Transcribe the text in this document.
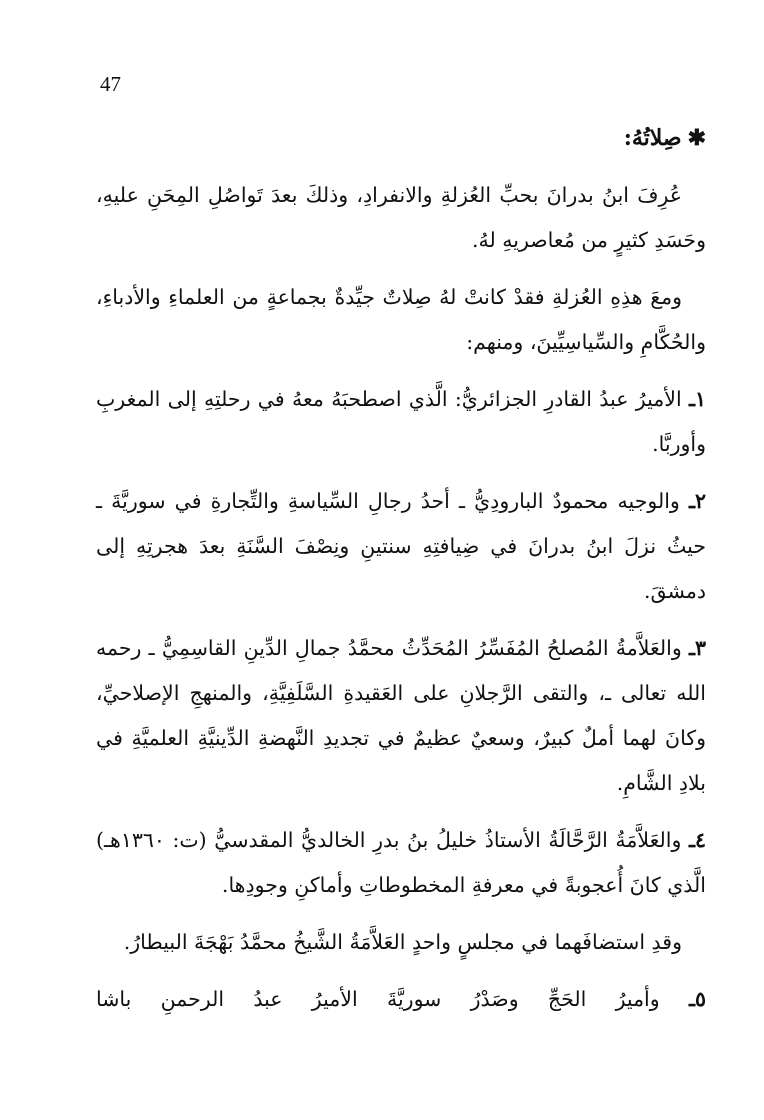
47
✱صِلاتُهُ:

عُرِفَ ابنُ بدرانَ بحبِّ العُزلةِ والانفرادِ، وذلكَ بعدَ تَواصُلِ المِحَنِ عليهِ، وحَسَدِ كثيرٍ من مُعاصريهِ لهُ.

ومعَ هذِهِ العُزلةِ فقدْ كانتْ لهُ صِلاتٌ جيِّدةٌ بجماعةٍ من العلماءِ والأدباءِ، والحُكَّامِ والسِّياسِيِّينَ، ومنهم:

١ـ الأميرُ عبدُ القادرِ الجزائريُّ: الَّذي اصطحبَهُ معهُ في رحلتِهِ إلى المغربِ وأوربَّا.

٢ـ والوجيه محمودٌ البارودِيُّ ـ أحدُ رجالِ السِّياسةِ والتِّجارةِ في سوريَّةَ ـ حيثُ نزلَ ابنُ بدرانَ في ضِيافتِهِ سنتينِ ونِصْفَ السَّنَةِ بعدَ هجرتِهِ إلى دمشقَ.

٣ـ والعَلاَّمةُ المُصلحُ المُفَسِّرُ المُحَدِّثُ محمَّدُ جمالِ الدِّينِ القاسِمِيُّ ـ رحمه الله تعالى ـ، والتقى الرَّجلانِ على العَقيدةِ السَّلَفِيَّةِ، والمنهجِ الإصلاحيِّ، وكانَ لهما أملٌ كبيرٌ، وسعيٌ عظيمٌ في تجديدِ النَّهضةِ الدِّينيَّةِ العلميَّةِ في بلادِ الشَّامِ.

٤ـ والعَلاَّمَةُ الرَّحَّالَةُ الأستاذُ خليلُ بنُ بدرِ الخالديُّ المقدسيُّ (ت: ١٣٦٠هـ) الَّذي كانَ أُعجوبةً في معرفةِ المخطوطاتِ وأماكنِ وجودِها.

وقدِ استضافَهما في مجلسٍ واحدٍ العَلاَّمَةُ الشَّيخُ محمَّدُ بَهْجَةَ البيطارُ.

٥ـ وأميرُ الحَجِّ وصَدْرُ سوريَّةَ الأميرُ عبدُ الرحمنِ باشا
